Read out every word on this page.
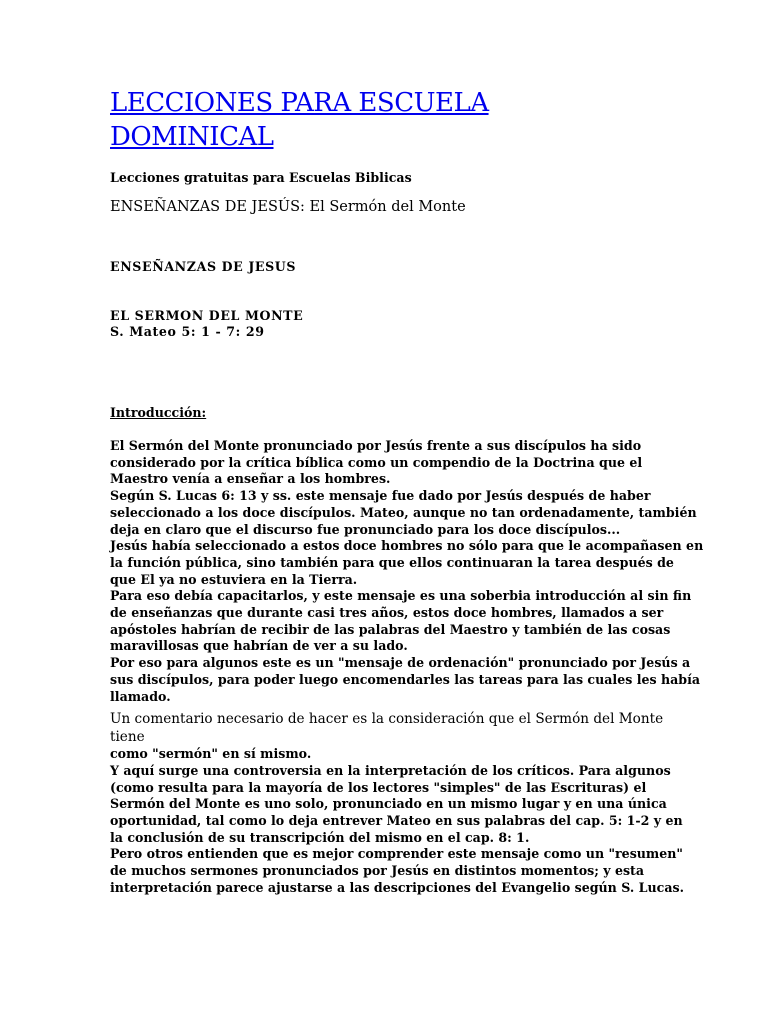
LECCIONES PARA ESCUELA
DOMINICAL
Lecciones gratuitas para Escuelas Biblicas
ENSEÑANZAS DE JESÚS: El Sermón del Monte
ENSEÑANZAS DE JESUS
EL SERMON DEL MONTE
S. Mateo 5: 1 - 7: 29
Introducción:
El Sermón del Monte pronunciado por Jesús frente a sus discípulos ha sido
considerado por la crítica bíblica como un compendio de la Doctrina que el
Maestro venía a enseñar a los hombres.
Según S. Lucas 6: 13 y ss. este mensaje fue dado por Jesús después de haber
seleccionado a los doce discípulos. Mateo, aunque no tan ordenadamente, también
deja en claro que el discurso fue pronunciado para los doce discípulos...
Jesús había seleccionado a estos doce hombres no sólo para que le acompañasen en
la función pública, sino también para que ellos continuaran la tarea después de
que El ya no estuviera en la Tierra.
Para eso debía capacitarlos, y este mensaje es una soberbia introducción al sin fin
de enseñanzas que durante casi tres años, estos doce hombres, llamados a ser
apóstoles habrían de recibir de las palabras del Maestro y también de las cosas
maravillosas que habrían de ver a su lado.
Por eso para algunos este es un "mensaje de ordenación" pronunciado por Jesús a
sus discípulos, para poder luego encomendarles las tareas para las cuales les había
llamado.
Un comentario necesario de hacer es la consideración que el Sermón del Monte
tiene
como "sermón" en sí mismo.
Y aquí surge una controversia en la interpretación de los críticos. Para algunos
(como resulta para la mayoría de los lectores "simples" de las Escrituras) el
Sermón del Monte es uno solo, pronunciado en un mismo lugar y en una única
oportunidad, tal como lo deja entrever Mateo en sus palabras del cap. 5: 1-2 y en
la conclusión de su transcripción del mismo en el cap. 8: 1.
Pero otros entienden que es mejor comprender este mensaje como un "resumen"
de muchos sermones pronunciados por Jesús en distintos momentos; y esta
interpretación parece ajustarse a las descripciones del Evangelio según S. Lucas.
